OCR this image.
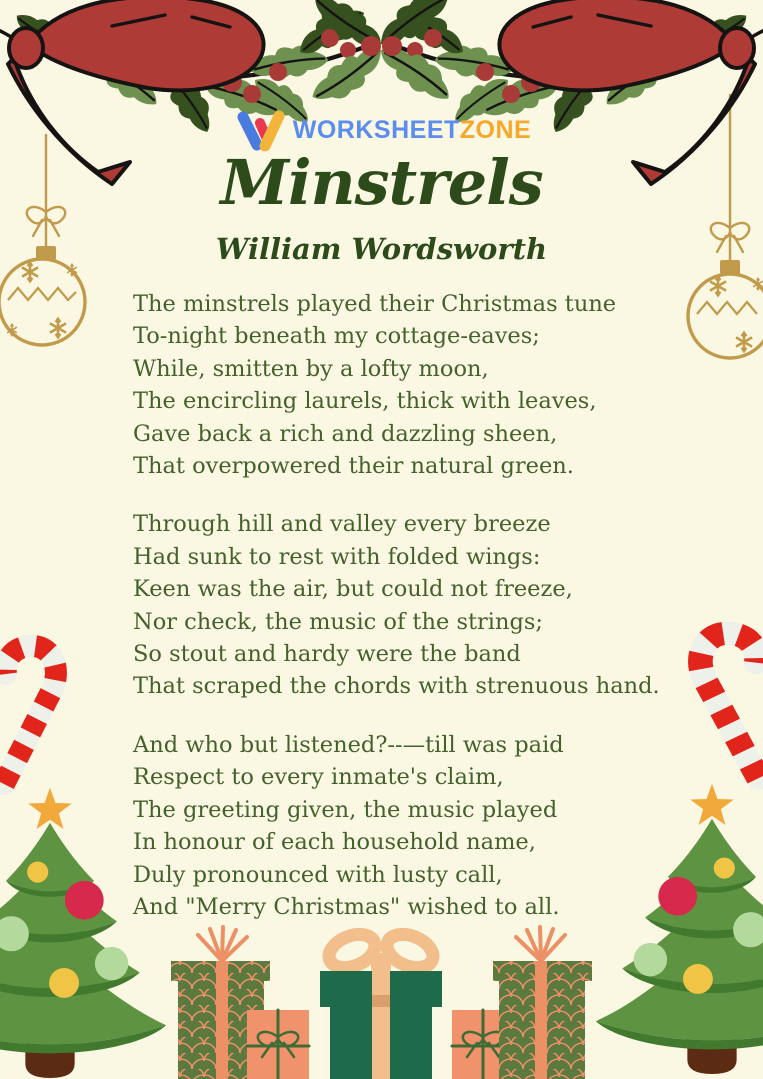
WORKSHEETZONE
Minstrels
William Wordsworth

The minstrels played their Christmas tune

To-night beneath my cottage-eaves;

While, smitten by a lofty moon,

The encircling laurels, thick with leaves,

Gave back a rich and dazzling sheen,

That overpowered their natural green.

Through hill and valley every breeze

Had sunk to rest with folded wings:

Keen was the air, but could not freeze,

Nor check, the music of the strings;

So stout and hardy were the band

That scraped the chords with strenuous hand.

And who but listened?--—till was paid

Respect to every inmate's claim,

The greeting given, the music played

In honour of each household name,

Duly pronounced with lusty call,

And "Merry Christmas" wished to all.
